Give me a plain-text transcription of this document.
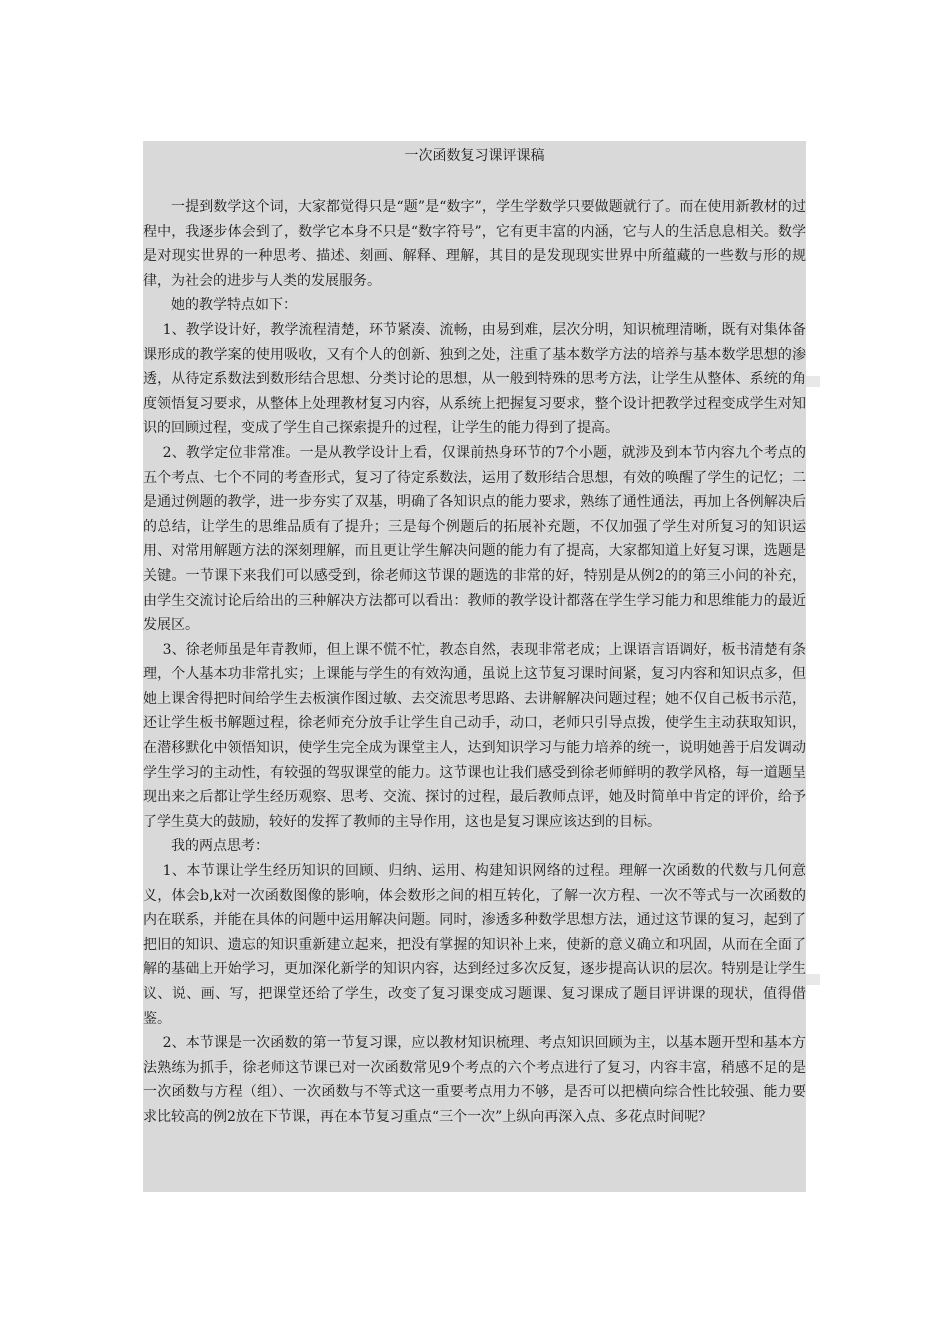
一次函数复习课评课稿

一提到数学这个词，大家都觉得只是“题”是“数字”，学生学数学只要做题就行了。而在使用新教材的过程中，我逐步体会到了，数学它本身不只是“数字符号”，它有更丰富的内涵，它与人的生活息息相关。数学是对现实世界的一种思考、描述、刻画、解释、理解，其目的是发现现实世界中所蕴藏的一些数与形的规律，为社会的进步与人类的发展服务。

她的教学特点如下：

1、教学设计好，教学流程清楚，环节紧凑、流畅，由易到难，层次分明，知识梳理清晰，既有对集体备课形成的教学案的使用吸收，又有个人的创新、独到之处，注重了基本数学方法的培养与基本数学思想的渗透，从待定系数法到数形结合思想、分类讨论的思想，从一般到特殊的思考方法，让学生从整体、系统的角度领悟复习要求，从整体上处理教材复习内容，从系统上把握复习要求，整个设计把教学过程变成学生对知识的回顾过程，变成了学生自己探索提升的过程，让学生的能力得到了提高。

2、教学定位非常准。一是从教学设计上看，仅课前热身环节的7个小题，就涉及到本节内容九个考点的五个考点、七个不同的考查形式，复习了待定系数法，运用了数形结合思想，有效的唤醒了学生的记忆；二是通过例题的教学，进一步夯实了双基，明确了各知识点的能力要求，熟练了通性通法，再加上各例解决后的总结，让学生的思维品质有了提升；三是每个例题后的拓展补充题，不仅加强了学生对所复习的知识运用、对常用解题方法的深刻理解，而且更让学生解决问题的能力有了提高，大家都知道上好复习课，选题是关键。一节课下来我们可以感受到，徐老师这节课的题选的非常的好，特别是从例2的的第三小问的补充，由学生交流讨论后给出的三种解决方法都可以看出：教师的教学设计都落在学生学习能力和思维能力的最近发展区。

3、徐老师虽是年青教师，但上课不慌不忙，教态自然，表现非常老成；上课语言语调好，板书清楚有条理，个人基本功非常扎实；上课能与学生的有效沟通，虽说上这节复习课时间紧，复习内容和知识点多，但她上课舍得把时间给学生去板演作图过敏、去交流思考思路、去讲解解决问题过程；她不仅自己板书示范，还让学生板书解题过程，徐老师充分放手让学生自己动手，动口，老师只引导点拨，使学生主动获取知识，在潜移默化中领悟知识，使学生完全成为课堂主人，达到知识学习与能力培养的统一，说明她善于启发调动学生学习的主动性，有较强的驾驭课堂的能力。这节课也让我们感受到徐老师鲜明的教学风格，每一道题呈现出来之后都让学生经历观察、思考、交流、探讨的过程，最后教师点评，她及时简单中肯定的评价，给予了学生莫大的鼓励，较好的发挥了教师的主导作用，这也是复习课应该达到的目标。

我的两点思考：

1、本节课让学生经历知识的回顾、归纳、运用、构建知识网络的过程。理解一次函数的代数与几何意义，体会b,k对一次函数图像的影响，体会数形之间的相互转化，了解一次方程、一次不等式与一次函数的内在联系，并能在具体的问题中运用解决问题。同时，渗透多种数学思想方法，通过这节课的复习，起到了把旧的知识、遗忘的知识重新建立起来，把没有掌握的知识补上来，使新的意义确立和巩固，从而在全面了解的基础上开始学习，更加深化新学的知识内容，达到经过多次反复，逐步提高认识的层次。特别是让学生议、说、画、写，把课堂还给了学生，改变了复习课变成习题课、复习课成了题目评讲课的现状，值得借鉴。

2、本节课是一次函数的第一节复习课，应以教材知识梳理、考点知识回顾为主，以基本题开型和基本方法熟练为抓手，徐老师这节课已对一次函数常见9个考点的六个考点进行了复习，内容丰富，稍感不足的是一次函数与方程（组）、一次函数与不等式这一重要考点用力不够，是否可以把横向综合性比较强、能力要求比较高的例2放在下节课，再在本节复习重点“三个一次”上纵向再深入点、多花点时间呢？
